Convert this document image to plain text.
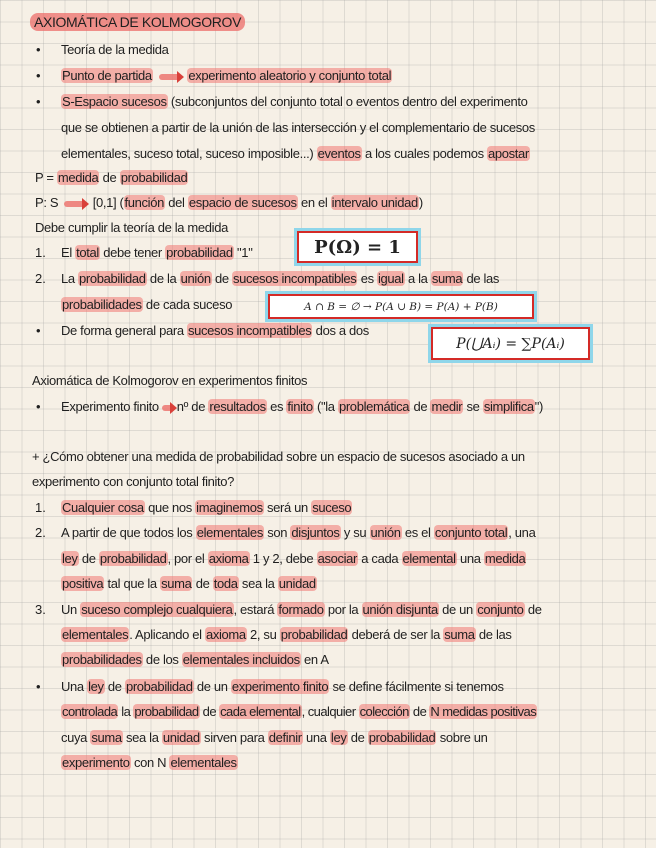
AXIOMÁTICA DE KOLMOGOROV
• Teoría de la medida
• Punto de partida	experimento aleatorio y conjunto total
• S-Espacio sucesos (subconjuntos del conjunto total o eventos dentro del experimento
que se obtienen a partir de la unión de las intersección y el complementario de sucesos
elementales, suceso total, suceso imposible...) eventos a los cuales podemos apostar
P = medida de probabilidad
P: S	[0,1] (función del espacio de sucesos en el intervalo unidad)
Debe cumplir la teoría de la medida
1. El total debe tener probabilidad "1"	P(Ω) = 1
2. La probabilidad de la unión de sucesos incompatibles es igual a la suma de las
probabilidades de cada suceso	A ∩ B = ∅ → P(A ∪ B) = P(A) + P(B)
• De forma general para sucesos incompatibles dos a dos
P(⋃Aᵢ) = ∑P(Aᵢ)
Axiomática de Kolmogorov en experimentos finitos
• Experimento finito nº de resultados es finito ("la problemática de medir se simplifica")
+ ¿Cómo obtener una medida de probabilidad sobre un espacio de sucesos asociado a un
experimento con conjunto total finito?
1. Cualquier cosa que nos imaginemos será un suceso
2. A partir de que todos los elementales son disjuntos y su unión es el conjunto total, una
ley de probabilidad, por el axioma 1 y 2, debe asociar a cada elemental una medida
positiva tal que la suma de toda sea la unidad
3. Un suceso complejo cualquiera, estará formado por la unión disjunta de un conjunto de
elementales. Aplicando el axioma 2, su probabilidad deberá de ser la suma de las
probabilidades de los elementales incluidos en A
• Una ley de probabilidad de un experimento finito se define fácilmente si tenemos
controlada la probabilidad de cada elemental, cualquier colección de N medidas positivas
cuya suma sea la unidad sirven para definir una ley de probabilidad sobre un
experimento con N elementales
